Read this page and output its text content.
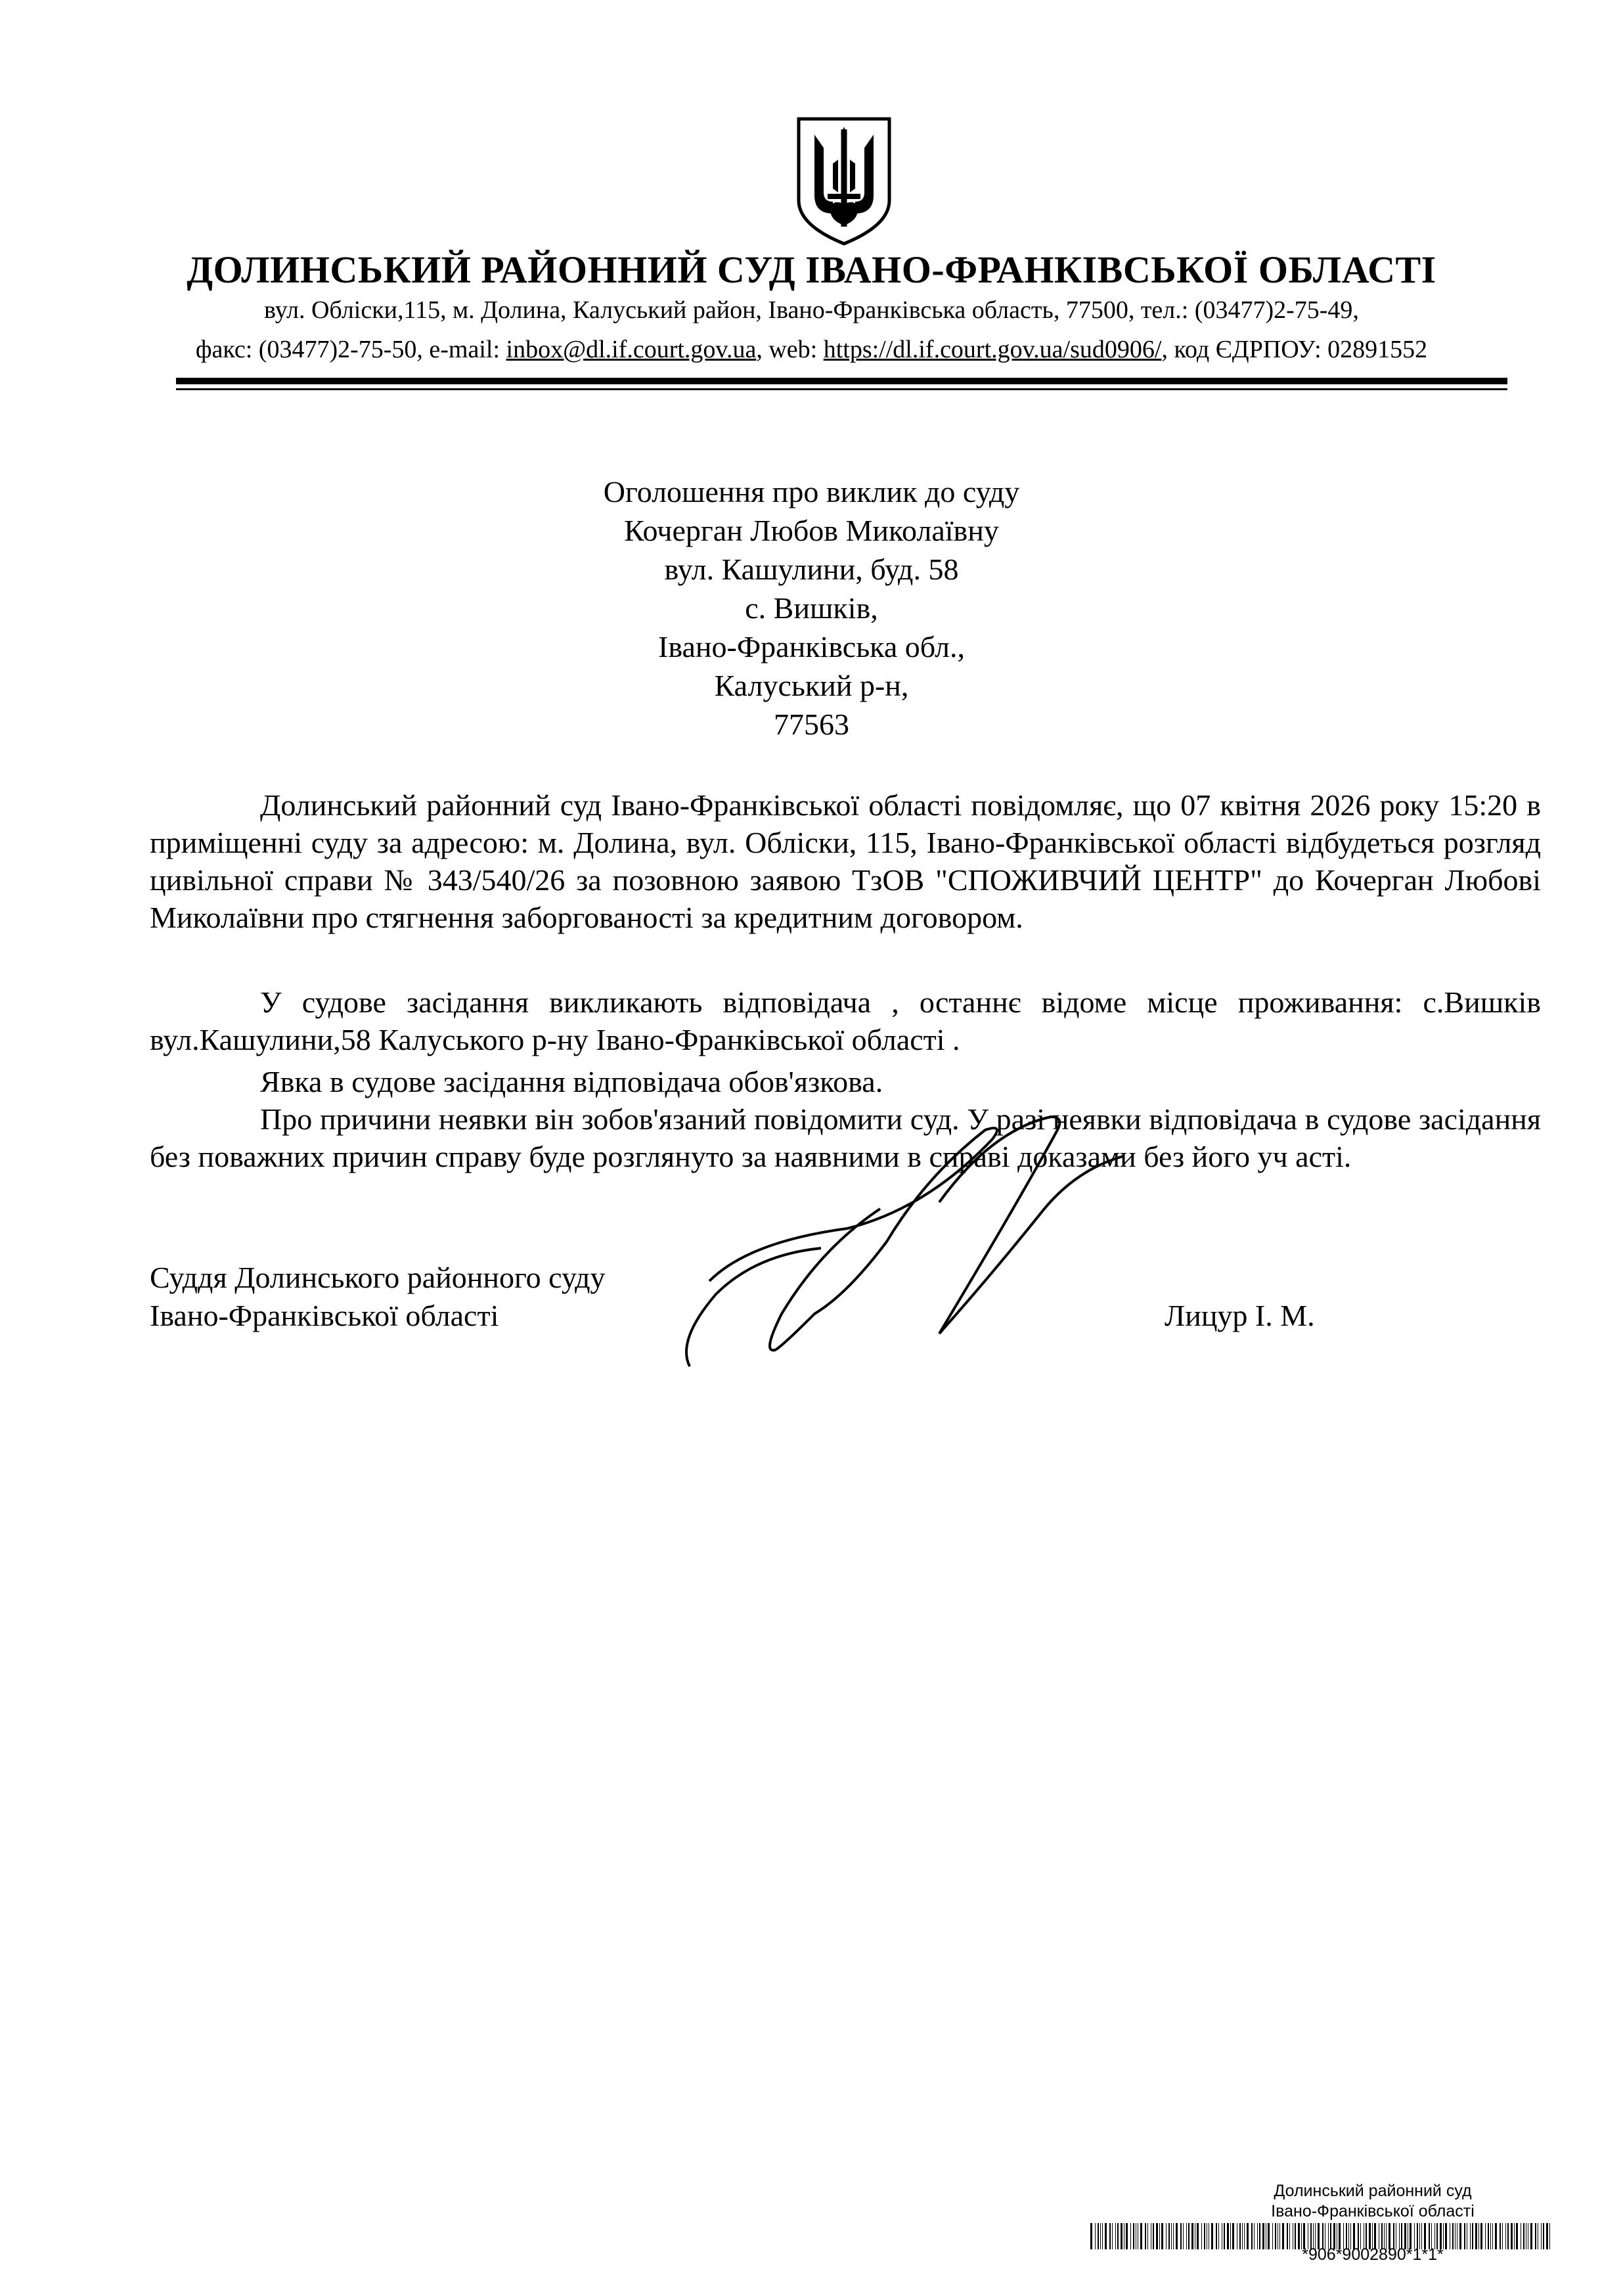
ДОЛИНСЬКИЙ РАЙОННИЙ СУД ІВАНО-ФРАНКІВСЬКОЇ ОБЛАСТІ
вул. Обліски,115, м. Долина, Калуський район, Івано-Франківська область, 77500, тел.: (03477)2-75-49,
факс: (03477)2-75-50, e-mail: inbox@dl.if.court.gov.ua, web: https://dl.if.court.gov.ua/sud0906/, код ЄДРПОУ: 02891552
Оголошення про виклик до суду
Кочерган Любов Миколаївну
вул. Кашулини, буд. 58
с. Вишків,
Івано-Франківська обл.,
Калуський р-н,
77563
Долинський районний суд Івано-Франківської області повідомляє, що 07 квітня 2026 року 15:20 в приміщенні суду за адресою: м. Долина, вул. Обліски, 115, Івано-Франківської області відбудеться розгляд цивільної справи № 343/540/26 за позовною заявою ТзОВ "СПОЖИВЧИЙ ЦЕНТР" до Кочерган Любові Миколаївни про стягнення заборгованості за кредитним договором.
У судове засідання викликають відповідача , останнє відоме місце проживання: с.Вишків вул.Кашулини,58 Калуського р-ну Івано-Франківської області .
Явка в судове засідання відповідача обов'язкова.
Про причини неявки він зобов'язаний повідомити суд. У разі неявки відповідача в судове засідання без поважних причин справу буде розглянуто за наявними в справі доказами без його уч асті.
Суддя Долинського районного суду
Івано-Франківської області	Лицур І. М.
Долинський районний суд
Івано-Франківської області
*906*9002890*1*1*
